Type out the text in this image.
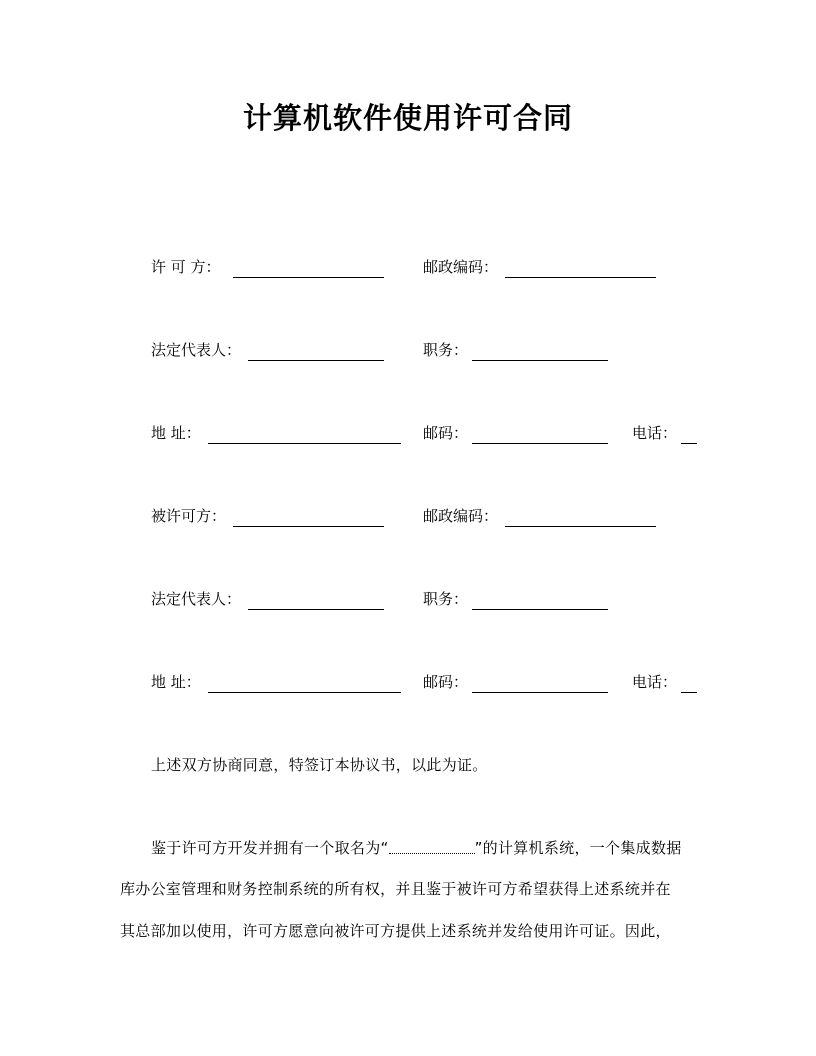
计算机软件使用许可合同
许 可 方：	邮政编码：
法定代表人：	职务：
地 址：	邮码：	电话：
被许可方：	邮政编码：
法定代表人：	职务：
地 址：	邮码：	电话：
上述双方协商同意，特签订本协议书，以此为证。
鉴于许可方开发并拥有一个取名为“	”的计算机系统，一个集成数据
库办公室管理和财务控制系统的所有权，并且鉴于被许可方希望获得上述系统并在
其总部加以使用，许可方愿意向被许可方提供上述系统并发给使用许可证。因此，
